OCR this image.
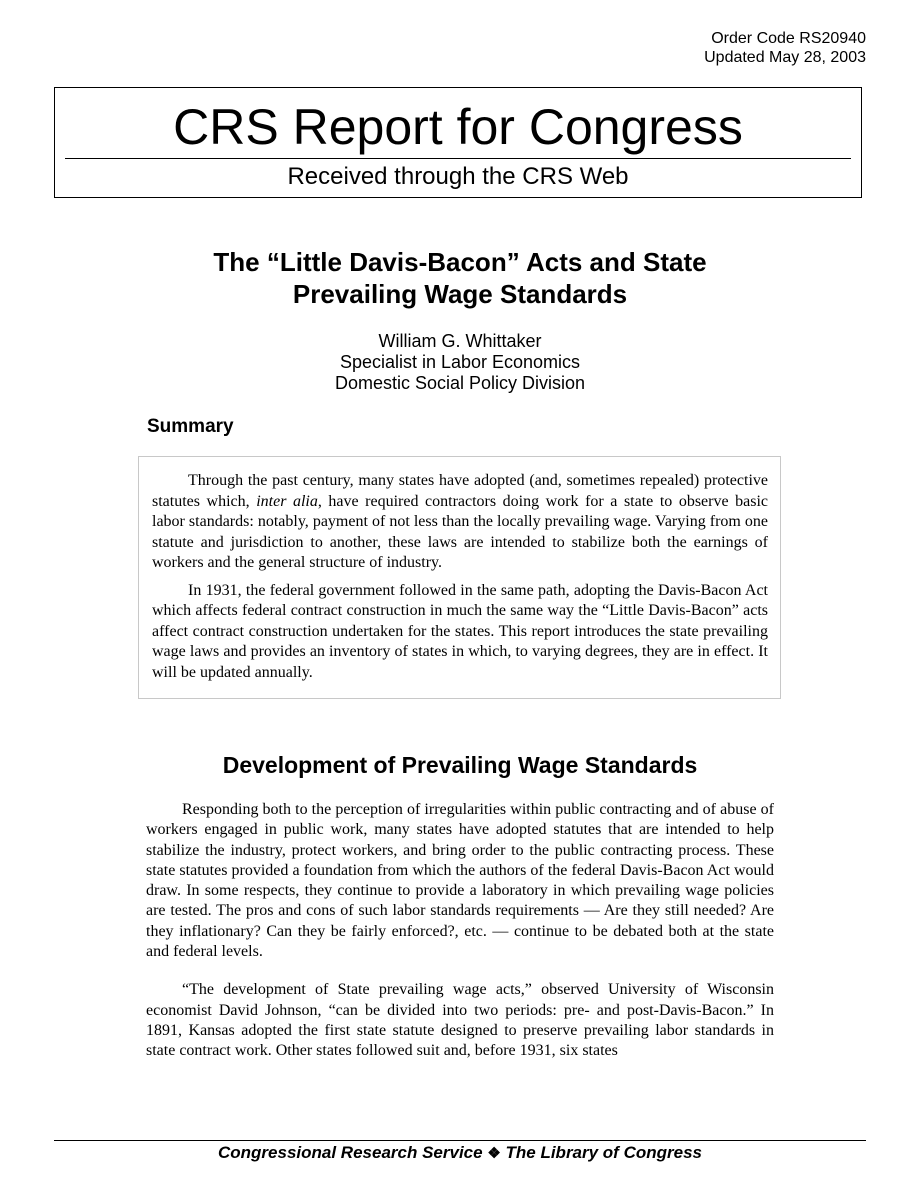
Order Code RS20940
Updated May 28, 2003
CRS Report for Congress
Received through the CRS Web
The “Little Davis-Bacon” Acts and State
Prevailing Wage Standards
William G. Whittaker
Specialist in Labor Economics
Domestic Social Policy Division
Summary

Through the past century, many states have adopted (and, sometimes repealed) protective statutes which, inter alia, have required contractors doing work for a state to observe basic labor standards: notably, payment of not less than the locally prevailing wage. Varying from one statute and jurisdiction to another, these laws are intended to stabilize both the earnings of workers and the general structure of industry.

In 1931, the federal government followed in the same path, adopting the Davis-Bacon Act which affects federal contract construction in much the same way the “Little Davis-Bacon” acts affect contract construction undertaken for the states. This report introduces the state prevailing wage laws and provides an inventory of states in which, to varying degrees, they are in effect. It will be updated annually.

Development of Prevailing Wage Standards

Responding both to the perception of irregularities within public contracting and of abuse of workers engaged in public work, many states have adopted statutes that are intended to help stabilize the industry, protect workers, and bring order to the public contracting process. These state statutes provided a foundation from which the authors of the federal Davis-Bacon Act would draw. In some respects, they continue to provide a laboratory in which prevailing wage policies are tested. The pros and cons of such labor standards requirements — Are they still needed? Are they inflationary? Can they be fairly enforced?, etc. — continue to be debated both at the state and federal levels.

“The development of State prevailing wage acts,” observed University of Wisconsin economist David Johnson, “can be divided into two periods: pre- and post-Davis-Bacon.” In 1891, Kansas adopted the first state statute designed to preserve prevailing labor standards in state contract work. Other states followed suit and, before 1931, six states

Congressional Research Service ❖ The Library of Congress
